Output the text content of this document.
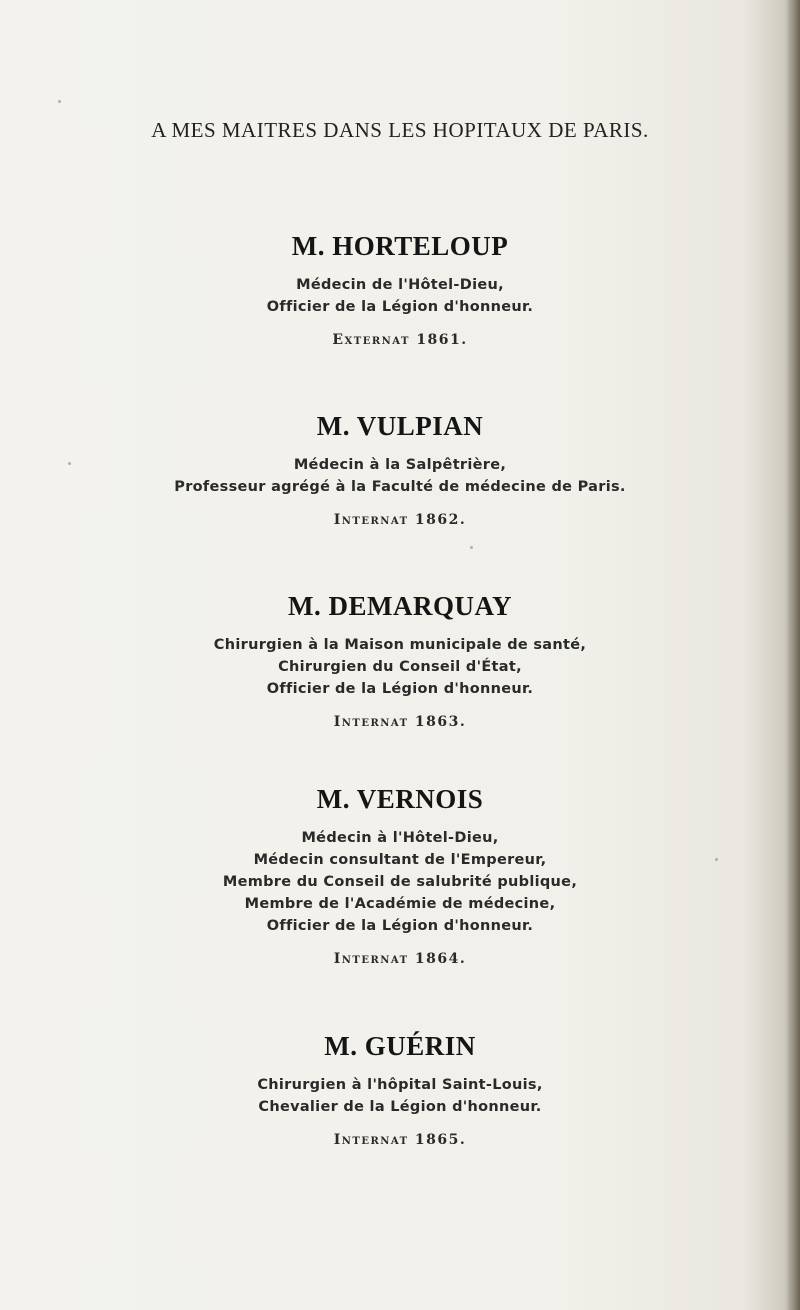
A MES MAITRES DANS LES HOPITAUX DE PARIS.
M. HORTELOUP
Médecin de l'Hôtel-Dieu,
Officier de la Légion d'honneur.
Externat 1861.
M. VULPIAN
Médecin à la Salpêtrière,
Professeur agrégé à la Faculté de médecine de Paris.
Internat 1862.
M. DEMARQUAY
Chirurgien à la Maison municipale de santé,
Chirurgien du Conseil d'État,
Officier de la Légion d'honneur.
Internat 1863.
M. VERNOIS
Médecin à l'Hôtel-Dieu,
Médecin consultant de l'Empereur,
Membre du Conseil de salubrité publique,
Membre de l'Académie de médecine,
Officier de la Légion d'honneur.
Internat 1864.
M. GUÉRIN
Chirurgien à l'hôpital Saint-Louis,
Chevalier de la Légion d'honneur.
Internat 1865.
